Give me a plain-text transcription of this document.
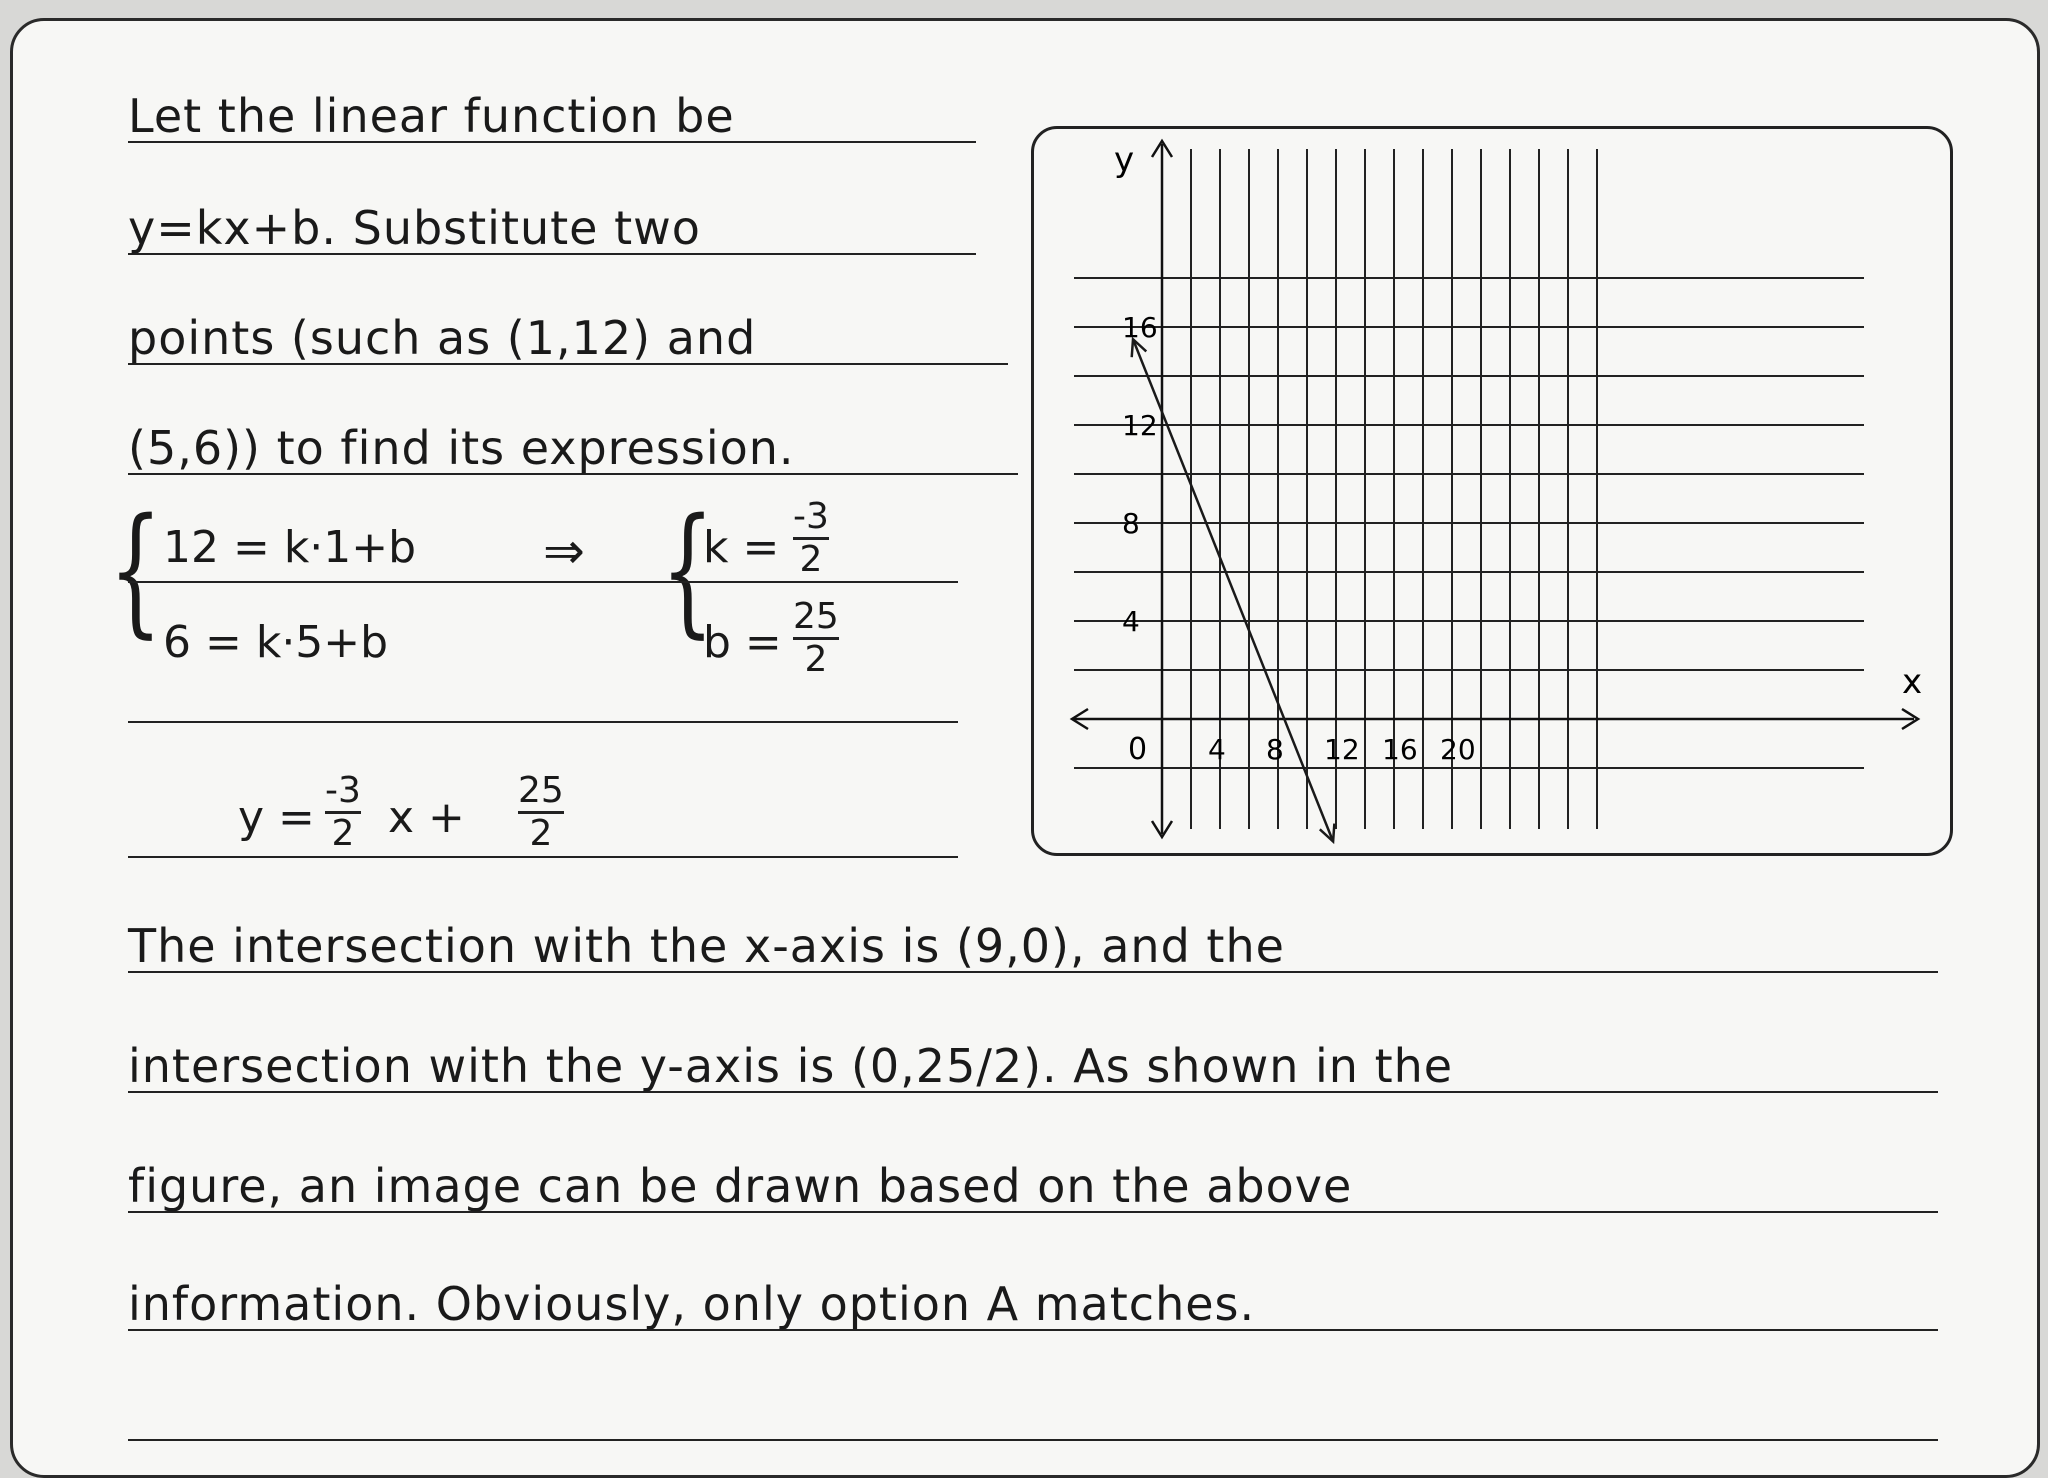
Let the linear function be
y=kx+b. Substitute two
points (such as (1,12) and
(5,6)) to find its expression.
{ 12 = k·1+b
6 = k·5+b
⇒ {
k =
-3
2
b =
25
2
y =
-3
2 x +
25
2
x
y
0 4 8 12 16 20
16
12
8
4
The intersection with the x-axis is (9,0), and the
intersection with the y-axis is (0,25/2). As shown in the
figure, an image can be drawn based on the above
information. Obviously, only option A matches.
